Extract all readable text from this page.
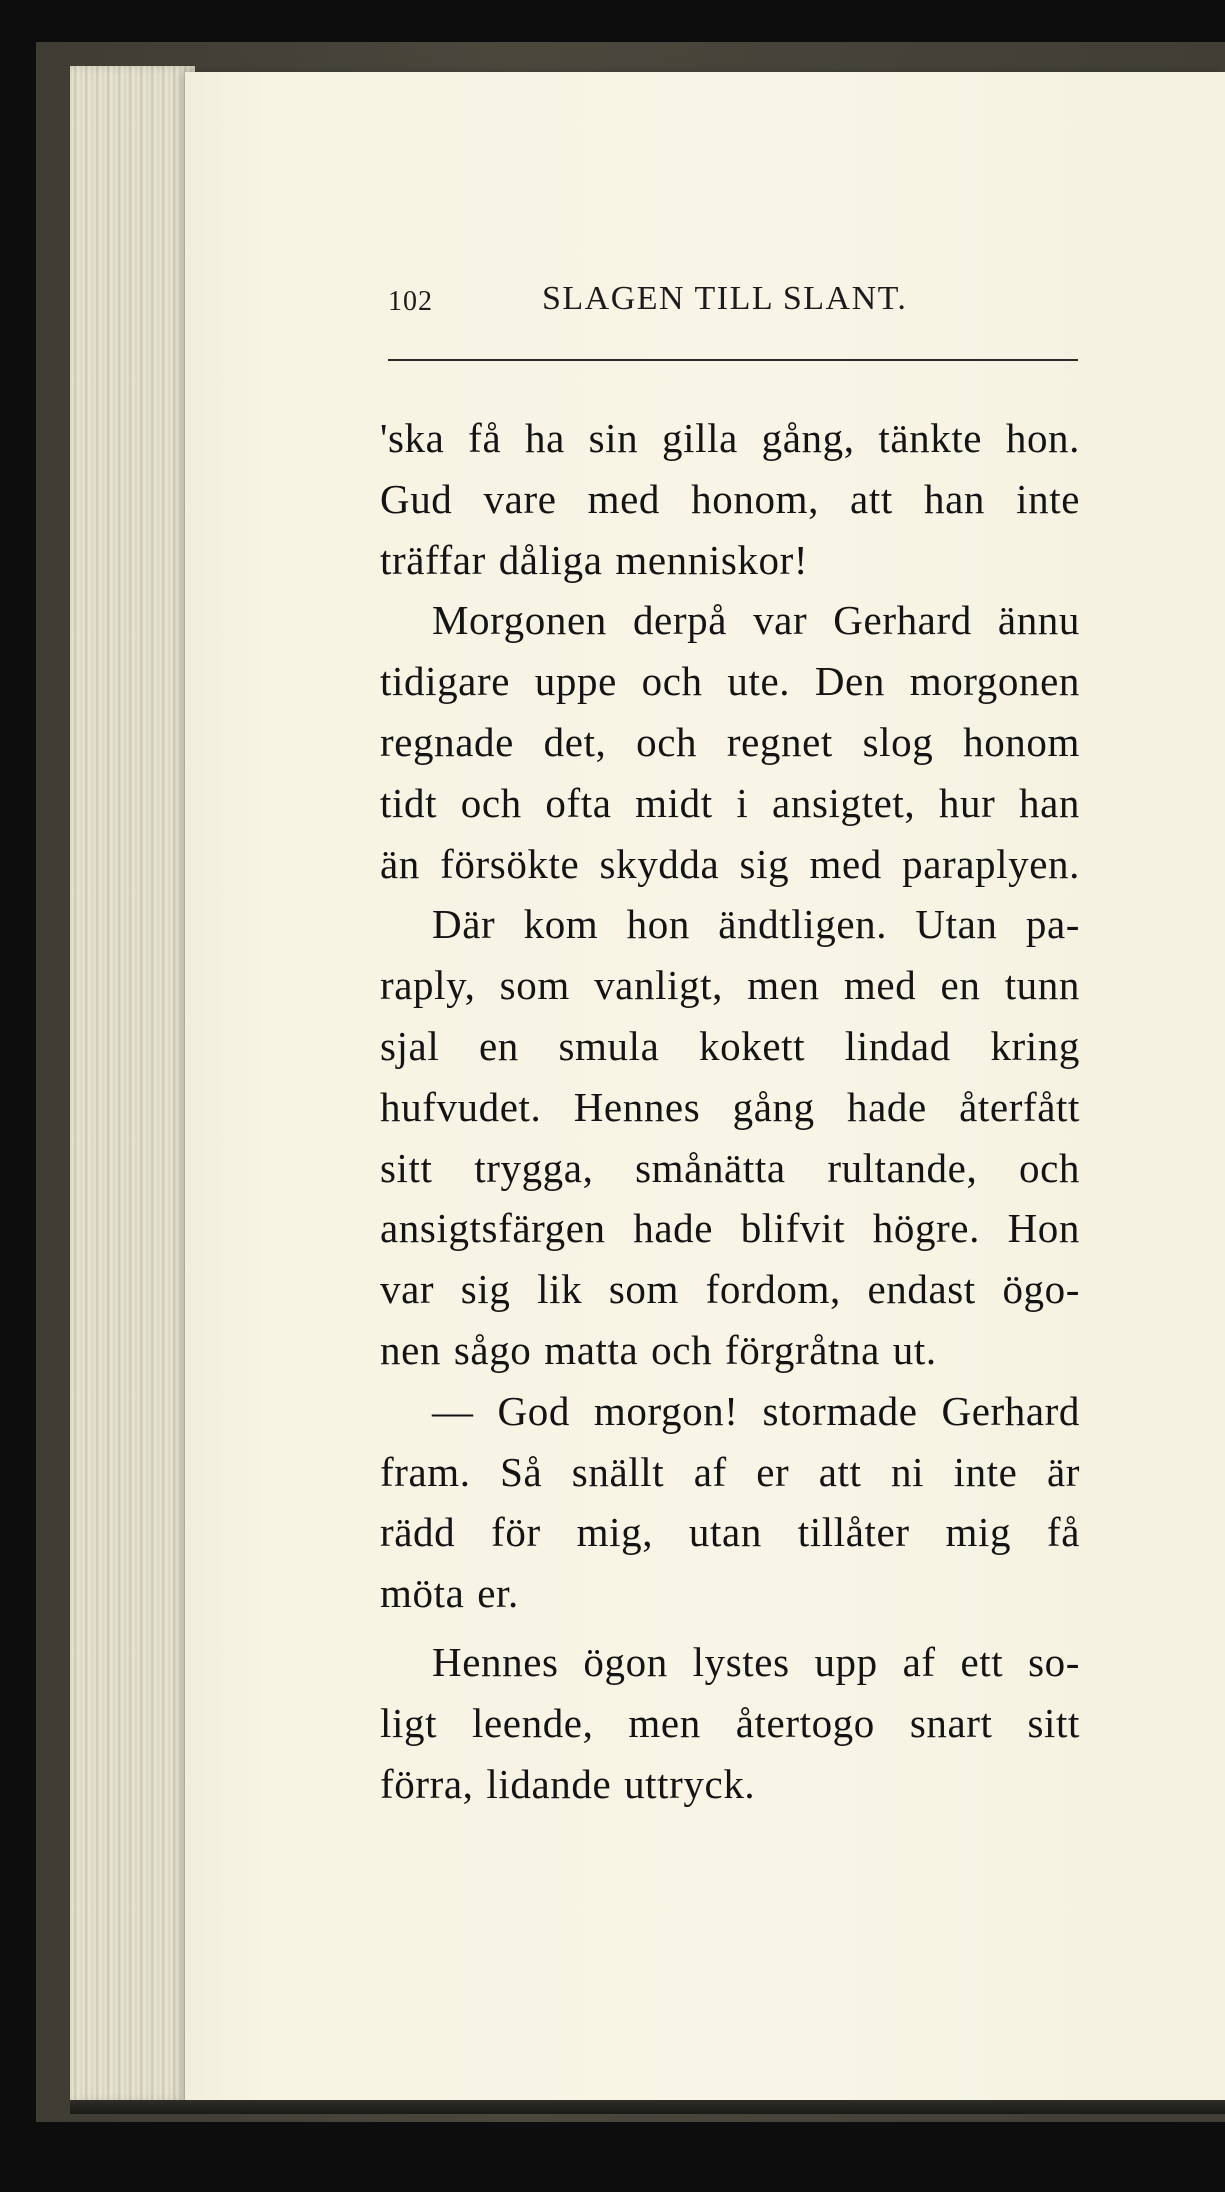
102	SLAGEN TILL SLANT.
'ska få ha sin gilla gång, tänkte hon.
Gud vare med honom, att han inte
träffar dåliga menniskor!
Morgonen derpå var Gerhard ännu
tidigare uppe och ute. Den morgonen
regnade det, och regnet slog honom
tidt och ofta midt i ansigtet, hur han
än försökte skydda sig med paraplyen.
Där kom hon ändtligen. Utan pa-
raply, som vanligt, men med en tunn
sjal en smula kokett lindad kring
hufvudet. Hennes gång hade återfått
sitt trygga, smånätta rultande, och
ansigtsfärgen hade blifvit högre. Hon
var sig lik som fordom, endast ögo-
nen sågo matta och förgråtna ut.
— God morgon! stormade Gerhard
fram. Så snällt af er att ni inte är
rädd för mig, utan tillåter mig få
möta er.
Hennes ögon lystes upp af ett so-
ligt leende, men återtogo snart sitt
förra, lidande uttryck.
